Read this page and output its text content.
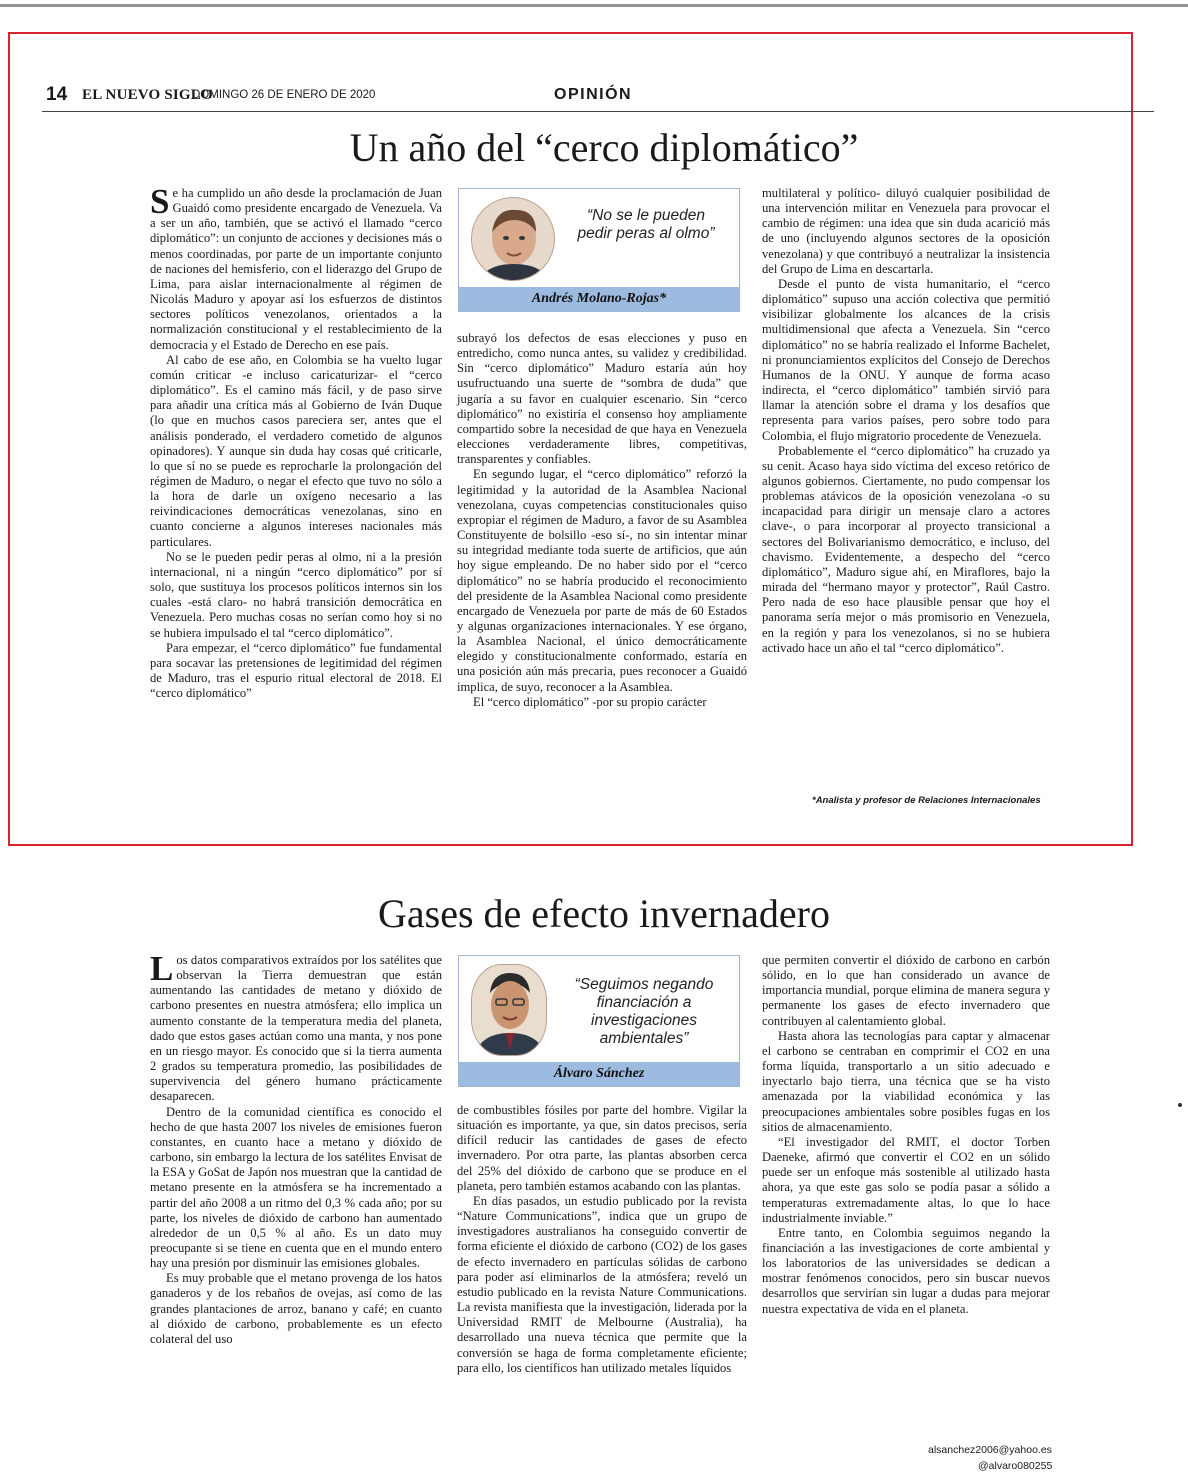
14 EL NUEVO SIGLO
DOMINGO 26 DE ENERO DE 2020	OPINIÓN
Un año del “cerco diplomático”

Se ha cumplido un año desde la proclamación de Juan Guaidó como presidente encargado de Venezuela. Va a ser un año, también, que se activó el llamado “cerco diplomático”: un conjunto de acciones y decisiones más o menos coordinadas, por parte de un importante conjunto de naciones del hemisferio, con el liderazgo del Grupo de Lima, para aislar internacionalmente al régimen de Nicolás Maduro y apoyar así los esfuerzos de distintos sectores políticos venezolanos, orientados a la normalización constitucional y el restablecimiento de la democracia y el Estado de Derecho en ese país.

Al cabo de ese año, en Colombia se ha vuelto lugar común criticar -e incluso caricaturizar- el “cerco diplomático”. Es el camino más fácil, y de paso sirve para añadir una crítica más al Gobierno de Iván Duque (lo que en muchos casos pareciera ser, antes que el análisis ponderado, el verdadero cometido de algunos opinadores). Y aunque sin duda hay cosas qué criticarle, lo que sí no se puede es reprocharle la prolongación del régimen de Maduro, o negar el efecto que tuvo no sólo a la hora de darle un oxígeno necesario a las reivindicaciones democráticas venezolanas, sino en cuanto concierne a algunos intereses nacionales más particulares.

No se le pueden pedir peras al olmo, ni a la presión internacional, ni a ningún “cerco diplomático” por sí solo, que sustituya los procesos políticos internos sin los cuales -está claro- no habrá transición democrática en Venezuela. Pero muchas cosas no serían como hoy si no se hubiera impulsado el tal “cerco diplomático”.

Para empezar, el “cerco diplomático” fue fundamental para socavar las pretensiones de legitimidad del régimen de Maduro, tras el espurio ritual electoral de 2018. El “cerco diplomático”

“No se le pueden pedir peras al olmo”
Andrés Molano-Rojas*

subrayó los defectos de esas elecciones y puso en entredicho, como nunca antes, su validez y credibilidad. Sin “cerco diplomático” Maduro estaría aún hoy usufructuando una suerte de “sombra de duda” que jugaría a su favor en cualquier escenario. Sin “cerco diplomático” no existiría el consenso hoy ampliamente compartido sobre la necesidad de que haya en Venezuela elecciones verdaderamente libres, competitivas, transparentes y confiables.

En segundo lugar, el “cerco diplomático” reforzó la legitimidad y la autoridad de la Asamblea Nacional venezolana, cuyas competencias constitucionales quiso expropiar el régimen de Maduro, a favor de su Asamblea Constituyente de bolsillo -eso sí-, no sin intentar minar su integridad mediante toda suerte de artificios, que aún hoy sigue empleando. De no haber sido por el “cerco diplomático” no se habría producido el reconocimiento del presidente de la Asamblea Nacional como presidente encargado de Venezuela por parte de más de 60 Estados y algunas organizaciones internacionales. Y ese órgano, la Asamblea Nacional, el único democráticamente elegido y constitucionalmente conformado, estaría en una posición aún más precaria, pues reconocer a Guaidó implica, de suyo, reconocer a la Asamblea.

El “cerco diplomático” -por su propio carácter

multilateral y político- diluyó cualquier posibilidad de una intervención militar en Venezuela para provocar el cambio de régimen: una idea que sin duda acarició más de uno (incluyendo algunos sectores de la oposición venezolana) y que contribuyó a neutralizar la insistencia del Grupo de Lima en descartarla.

Desde el punto de vista humanitario, el “cerco diplomático” supuso una acción colectiva que permitió visibilizar globalmente los alcances de la crisis multidimensional que afecta a Venezuela. Sin “cerco diplomático” no se habría realizado el Informe Bachelet, ni pronunciamientos explícitos del Consejo de Derechos Humanos de la ONU. Y aunque de forma acaso indirecta, el “cerco diplomático” también sirvió para llamar la atención sobre el drama y los desafíos que representa para varios países, pero sobre todo para Colombia, el flujo migratorio procedente de Venezuela.

Probablemente el “cerco diplomático” ha cruzado ya su cenit. Acaso haya sido víctima del exceso retórico de algunos gobiernos. Ciertamente, no pudo compensar los problemas atávicos de la oposición venezolana -o su incapacidad para dirigir un mensaje claro a actores clave-, o para incorporar al proyecto transicional a sectores del Bolivarianismo democrático, e incluso, del chavismo. Evidentemente, a despecho del “cerco diplomático”, Maduro sigue ahí, en Miraflores, bajo la mirada del “hermano mayor y protector”, Raúl Castro. Pero nada de eso hace plausible pensar que hoy el panorama sería mejor o más promisorio en Venezuela, en la región y para los venezolanos, si no se hubiera activado hace un año el tal “cerco diplomático”.

*Analista y profesor de Relaciones Internacionales
Gases de efecto invernadero

Los datos comparativos extraídos por los satélites que observan la Tierra demuestran que están aumentando las cantidades de metano y dióxido de carbono presentes en nuestra atmósfera; ello implica un aumento constante de la temperatura media del planeta, dado que estos gases actúan como una manta, y nos pone en un riesgo mayor. Es conocido que si la tierra aumenta 2 grados su temperatura promedio, las posibilidades de supervivencia del género humano prácticamente desaparecen.

Dentro de la comunidad científica es conocido el hecho de que hasta 2007 los niveles de emisiones fueron constantes, en cuanto hace a metano y dióxido de carbono, sin embargo la lectura de los satélites Envisat de la ESA y GoSat de Japón nos muestran que la cantidad de metano presente en la atmósfera se ha incrementado a partir del año 2008 a un ritmo del 0,3 % cada año; por su parte, los niveles de dióxido de carbono han aumentado alrededor de un 0,5 % al año. Es un dato muy preocupante si se tiene en cuenta que en el mundo entero hay una presión por disminuir las emisiones globales.

Es muy probable que el metano provenga de los hatos ganaderos y de los rebaños de ovejas, así como de las grandes plantaciones de arroz, banano y café; en cuanto al dióxido de carbono, probablemente es un efecto colateral del uso

“Seguimos negando financiación a investigaciones ambientales”
Álvaro Sánchez

de combustibles fósiles por parte del hombre. Vigilar la situación es importante, ya que, sin datos precisos, sería difícil reducir las cantidades de gases de efecto invernadero. Por otra parte, las plantas absorben cerca del 25% del dióxido de carbono que se produce en el planeta, pero también estamos acabando con las plantas.

En días pasados, un estudio publicado por la revista “Nature Communications”, indica que un grupo de investigadores australianos ha conseguido convertir de forma eficiente el dióxido de carbono (CO2) de los gases de efecto invernadero en partículas sólidas de carbono para poder así eliminarlos de la atmósfera; reveló un estudio publicado en la revista Nature Communications. La revista manifiesta que la investigación, liderada por la Universidad RMIT de Melbourne (Australia), ha desarrollado una nueva técnica que permite que la conversión se haga de forma completamente eficiente; para ello, los científicos han utilizado metales líquidos

que permiten convertir el dióxido de carbono en carbón sólido, en lo que han considerado un avance de importancia mundial, porque elimina de manera segura y permanente los gases de efecto invernadero que contribuyen al calentamiento global.

Hasta ahora las tecnologías para captar y almacenar el carbono se centraban en comprimir el CO2 en una forma líquida, transportarlo a un sitio adecuado e inyectarlo bajo tierra, una técnica que se ha visto amenazada por la viabilidad económica y las preocupaciones ambientales sobre posibles fugas en los sitios de almacenamiento.

“El investigador del RMIT, el doctor Torben Daeneke, afirmó que convertir el CO2 en un sólido puede ser un enfoque más sostenible al utilizado hasta ahora, ya que este gas solo se podía pasar a sólido a temperaturas extremadamente altas, lo que lo hace industrialmente inviable.”

Entre tanto, en Colombia seguimos negando la financiación a las investigaciones de corte ambiental y los laboratorios de las universidades se dedican a mostrar fenómenos conocidos, pero sin buscar nuevos desarrollos que servirían sin lugar a dudas para mejorar nuestra expectativa de vida en el planeta.

alsanchez2006@yahoo.es
@alvaro080255
